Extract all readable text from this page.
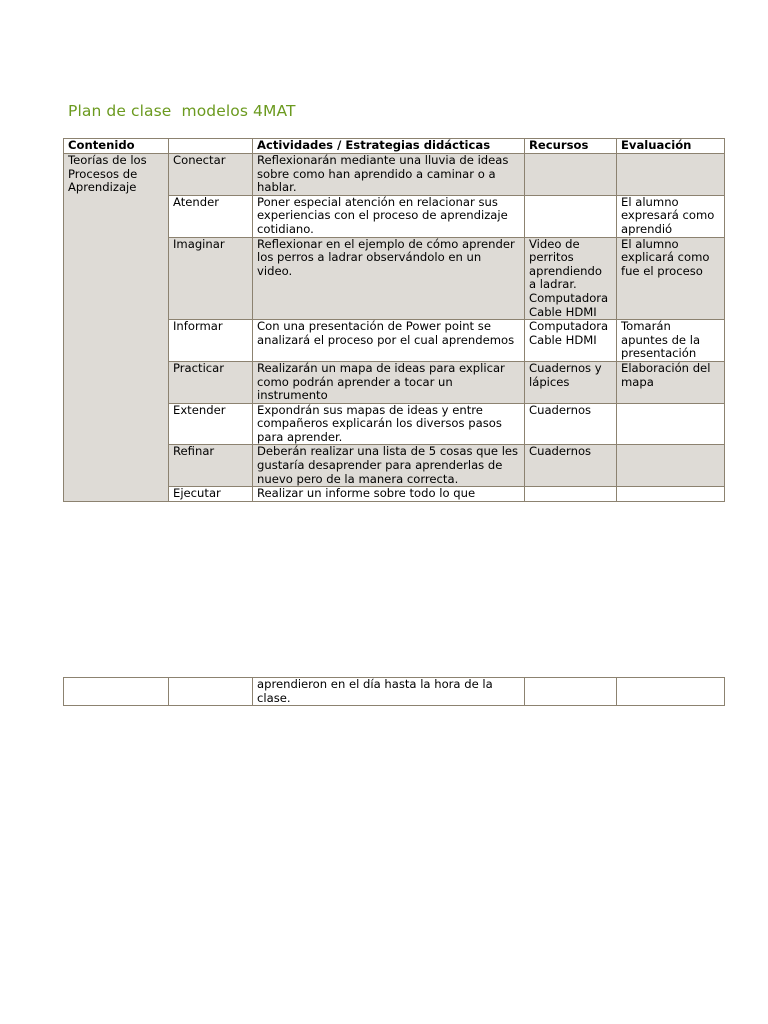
Plan de clase  modelos 4MAT
Contenido		Actividades / Estrategias didácticas	Recursos	Evaluación
Teorías de los Procesos de Aprendizaje	Conectar	Reflexionarán mediante una lluvia de ideas sobre como han aprendido a caminar o a hablar.		
	Atender	Poner especial atención en relacionar sus experiencias con el proceso de aprendizaje cotidiano.		El alumno expresará como aprendió
	Imaginar	Reflexionar en el ejemplo de cómo aprender los perros a ladrar observándolo en un video.	Video de perritos aprendiendo a ladrar. Computadora Cable HDMI	El alumno explicará como fue el proceso
	Informar	Con una presentación de Power point se analizará el proceso por el cual aprendemos	Computadora Cable HDMI	Tomarán apuntes de la presentación
	Practicar	Realizarán un mapa de ideas para explicar como podrán aprender a tocar un instrumento	Cuadernos y lápices	Elaboración del mapa
	Extender	Expondrán sus mapas de ideas y entre compañeros explicarán los diversos pasos para aprender.	Cuadernos	
	Refinar	Deberán realizar una lista de 5 cosas que les gustaría desaprender para aprenderlas de nuevo pero de la manera correcta.	Cuadernos	
	Ejecutar	Realizar un informe sobre todo lo que		
		aprendieron en el día hasta la hora de la clase.		
